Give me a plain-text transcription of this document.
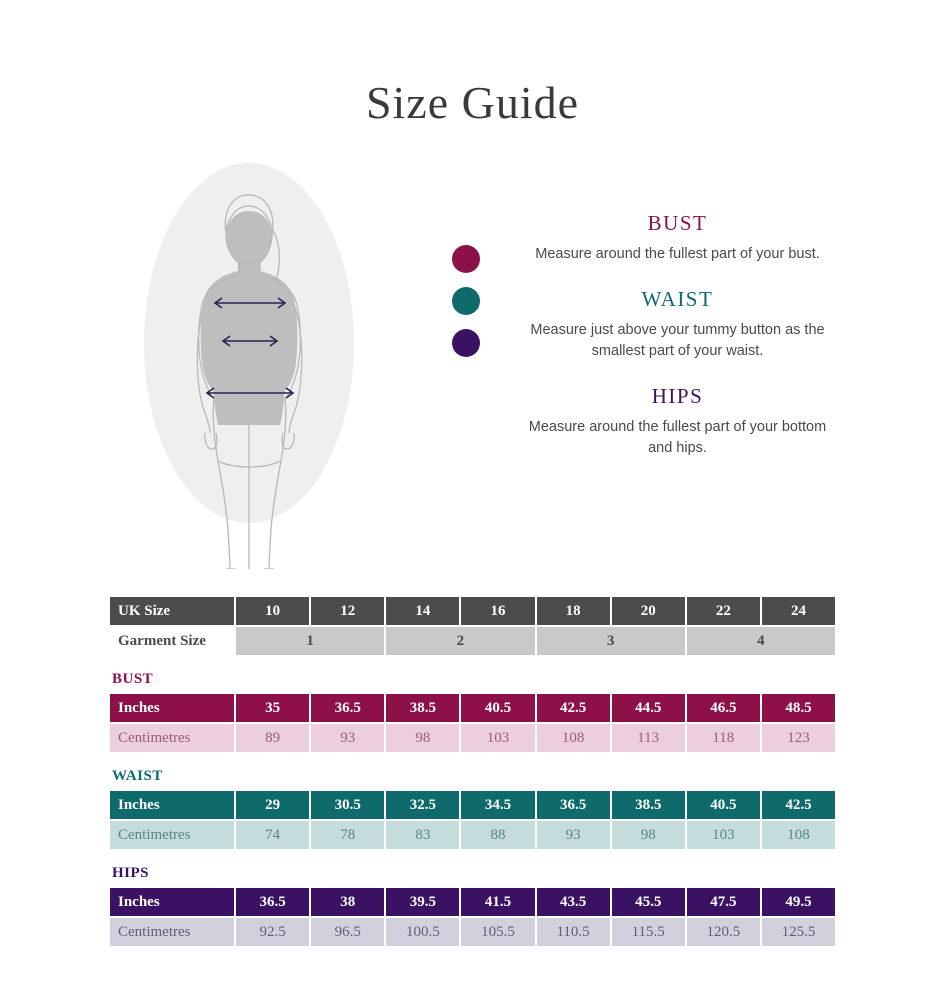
Size Guide

BUST

Measure around the fullest part of your bust.

WAIST

Measure just above your tummy button as the smallest part of your waist.

HIPS

Measure around the fullest part of your bottom and hips.

UK Size	10	12	14	16	18	20	22	24
Garment Size	1		2		3		4	
BUST
Inches	35	36.5	38.5	40.5	42.5	44.5	46.5	48.5
Centimetres	89	93	98	103	108	113	118	123
WAIST
Inches	29	30.5	32.5	34.5	36.5	38.5	40.5	42.5
Centimetres	74	78	83	88	93	98	103	108
HIPS
Inches	36.5	38	39.5	41.5	43.5	45.5	47.5	49.5
Centimetres	92.5	96.5	100.5	105.5	110.5	115.5	120.5	125.5
